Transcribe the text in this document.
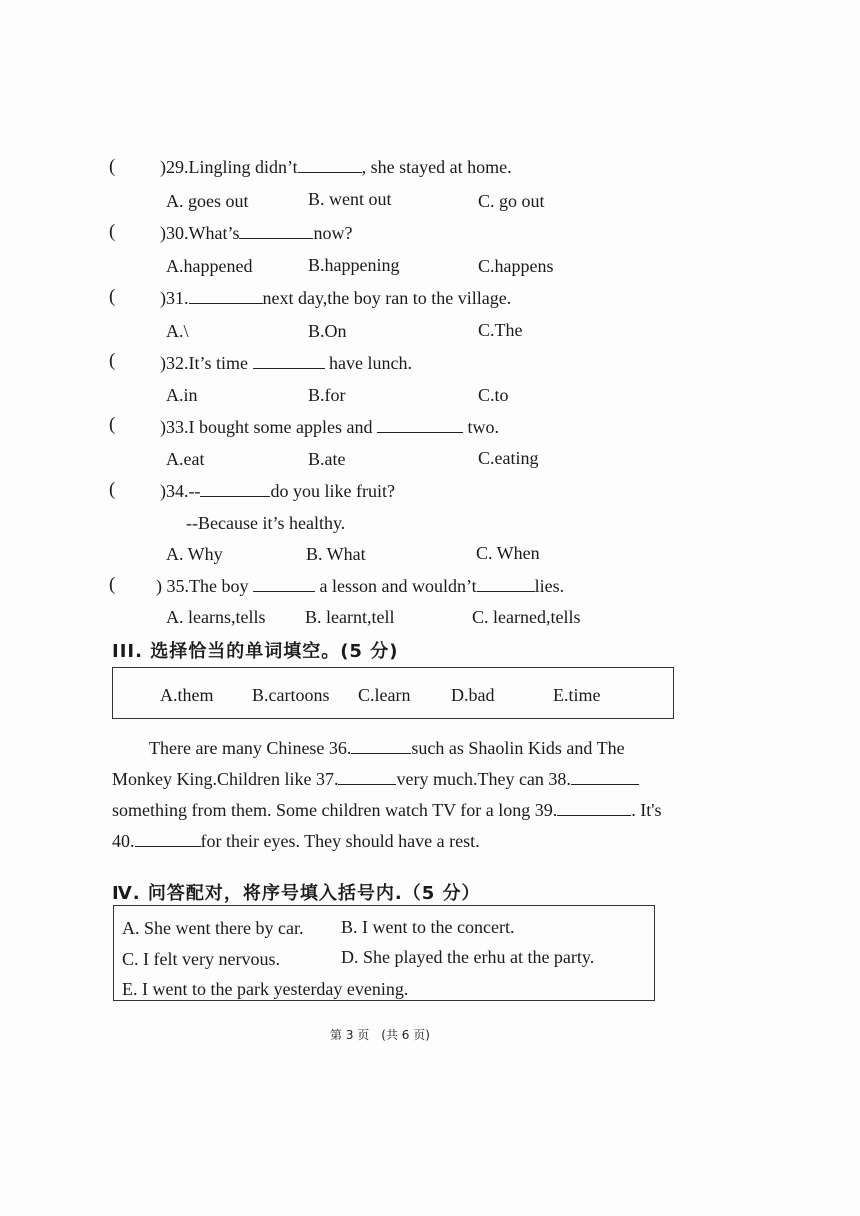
( )29.Lingling didn’t	, she stayed at home.
A. goes out	B. went out	C. go out
( )30.What’s	now?
A.happened	B.happening	C.happens
( )31.	next day,the boy ran to the village.
A.\	B.On	C.The
( )32.It’s time	have lunch.
A.in	B.for	C.to
( )33.I bought some apples and	two.
A.eat	B.ate	C.eating
( )34.--	do you like fruit?
--Because it’s healthy.
A. Why	B. What	C. When
( ) 35.The boy	a lesson and wouldn’t	lies.
A. learns,tells B. learnt,tell	C. learned,tells
III. 选择恰当的单词填空。(5 分)
A.them B.cartoons C.learn D.bad	E.time
There are many Chinese 36.	such as Shaolin Kids and The Monkey King.Children like 37.	very much.They can 38. something from them. Some children watch TV for a long 39.	. It's 40.	for their eyes. They should have a rest.
Ⅳ. 问答配对，将序号填入括号内.（5 分）
A. She went there by car. B. I went to the concert.
C. I felt very nervous.	D. She played the erhu at the party.
E. I went to the park yesterday evening.
第 3 页　(共 6 页)
